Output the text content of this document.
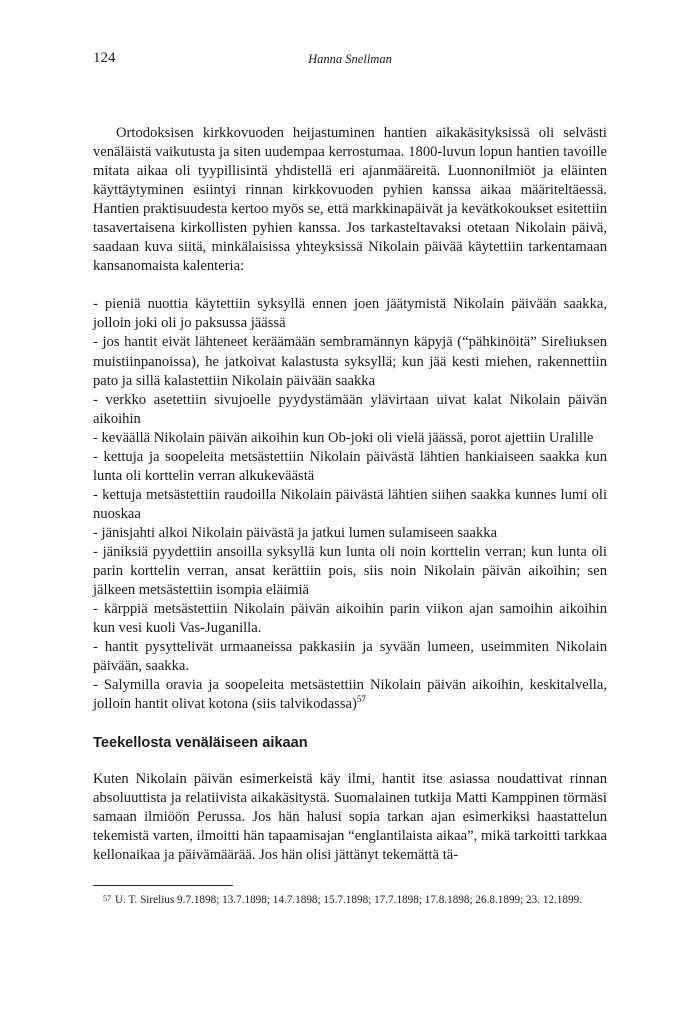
124	Hanna Snellman

Ortodoksisen kirkkovuoden heijastuminen hantien aikakäsityksissä oli selvästi venäläistä vaikutusta ja siten uudempaa kerrostumaa. 1800-luvun lopun hantien tavoille mitata aikaa oli tyypillisintä yhdistellä eri ajanmääreitä. Luonnonilmiöt ja eläinten käyttäytyminen esiintyi rinnan kirkkovuoden pyhien kanssa aikaa määriteltäessä. Hantien praktisuudesta kertoo myös se, että markkinapäivät ja kevätkokoukset esitettiin tasavertaisena kirkollisten pyhien kanssa. Jos tarkasteltavaksi otetaan Nikolain päivä, saadaan kuva siitä, minkälaisissa yhteyksissä Nikolain päivää käytettiin tarkentamaan kansanomaista kalenteria:

- pieniä nuottia käytettiin syksyllä ennen joen jäätymistä Nikolain päivään saakka, jolloin joki oli jo paksussa jäässä

- jos hantit eivät lähteneet keräämään sembramännyn käpyjä (“pähkinöitä” Sireliuksen muistiinpanoissa), he jatkoivat kalastusta syksyllä; kun jää kesti miehen, rakennettiin pato ja sillä kalastettiin Nikolain päivään saakka

- verkko asetettiin sivujoelle pyydystämään ylävirtaan uivat kalat Nikolain päivän aikoihin

- keväällä Nikolain päivän aikoihin kun Ob-joki oli vielä jäässä, porot ajettiin Uralille

- kettuja ja soopeleita metsästettiin Nikolain päivästä lähtien hankiaiseen saakka kun lunta oli korttelin verran alkukeväästä

- kettuja metsästettiin raudoilla Nikolain päivästä lähtien siihen saakka kunnes lumi oli nuoskaa

- jänisjahti alkoi Nikolain päivästä ja jatkui lumen sulamiseen saakka

- jäniksiä pyydettiin ansoilla syksyllä kun lunta oli noin korttelin verran; kun lunta oli parin korttelin verran, ansat kerättiin pois, siis noin Nikolain päivän aikoihin; sen jälkeen metsästettiin isompia eläimiä

- kärppiä metsästettiin Nikolain päivän aikoihin parin viikon ajan samoihin aikoihin kun vesi kuoli Vas-Juganilla.

- hantit pysyttelivät urmaaneissa pakkasiin ja syvään lumeen, useimmiten Nikolain päivään, saakka.

- Salymilla oravia ja soopeleita metsästettiin Nikolain päivän aikoihin, keskitalvella, jolloin hantit olivat kotona (siis talvikodassa)$^{57}$

Teekellosta venäläiseen aikaan

Kuten Nikolain päivän esimerkeistä käy ilmi, hantit itse asiassa noudattivat rinnan absoluuttista ja relatiivista aikakäsitystä. Suomalainen tutkija Matti Kamppinen törmäsi samaan ilmiöön Perussa. Jos hän halusi sopia tarkan ajan esimerkiksi haastattelun tekemistä varten, ilmoitti hän tapaamisajan “englantilaista aikaa”, mikä tarkoitti tarkkaa kellonaikaa ja päivämäärää. Jos hän olisi jättänyt tekemättä tä-

57 U. T. Sirelius 9.7.1898; 13.7.1898; 14.7.1898; 15.7.1898; 17.7.1898; 17.8.1898; 26.8.1899; 23. 12.1899.
